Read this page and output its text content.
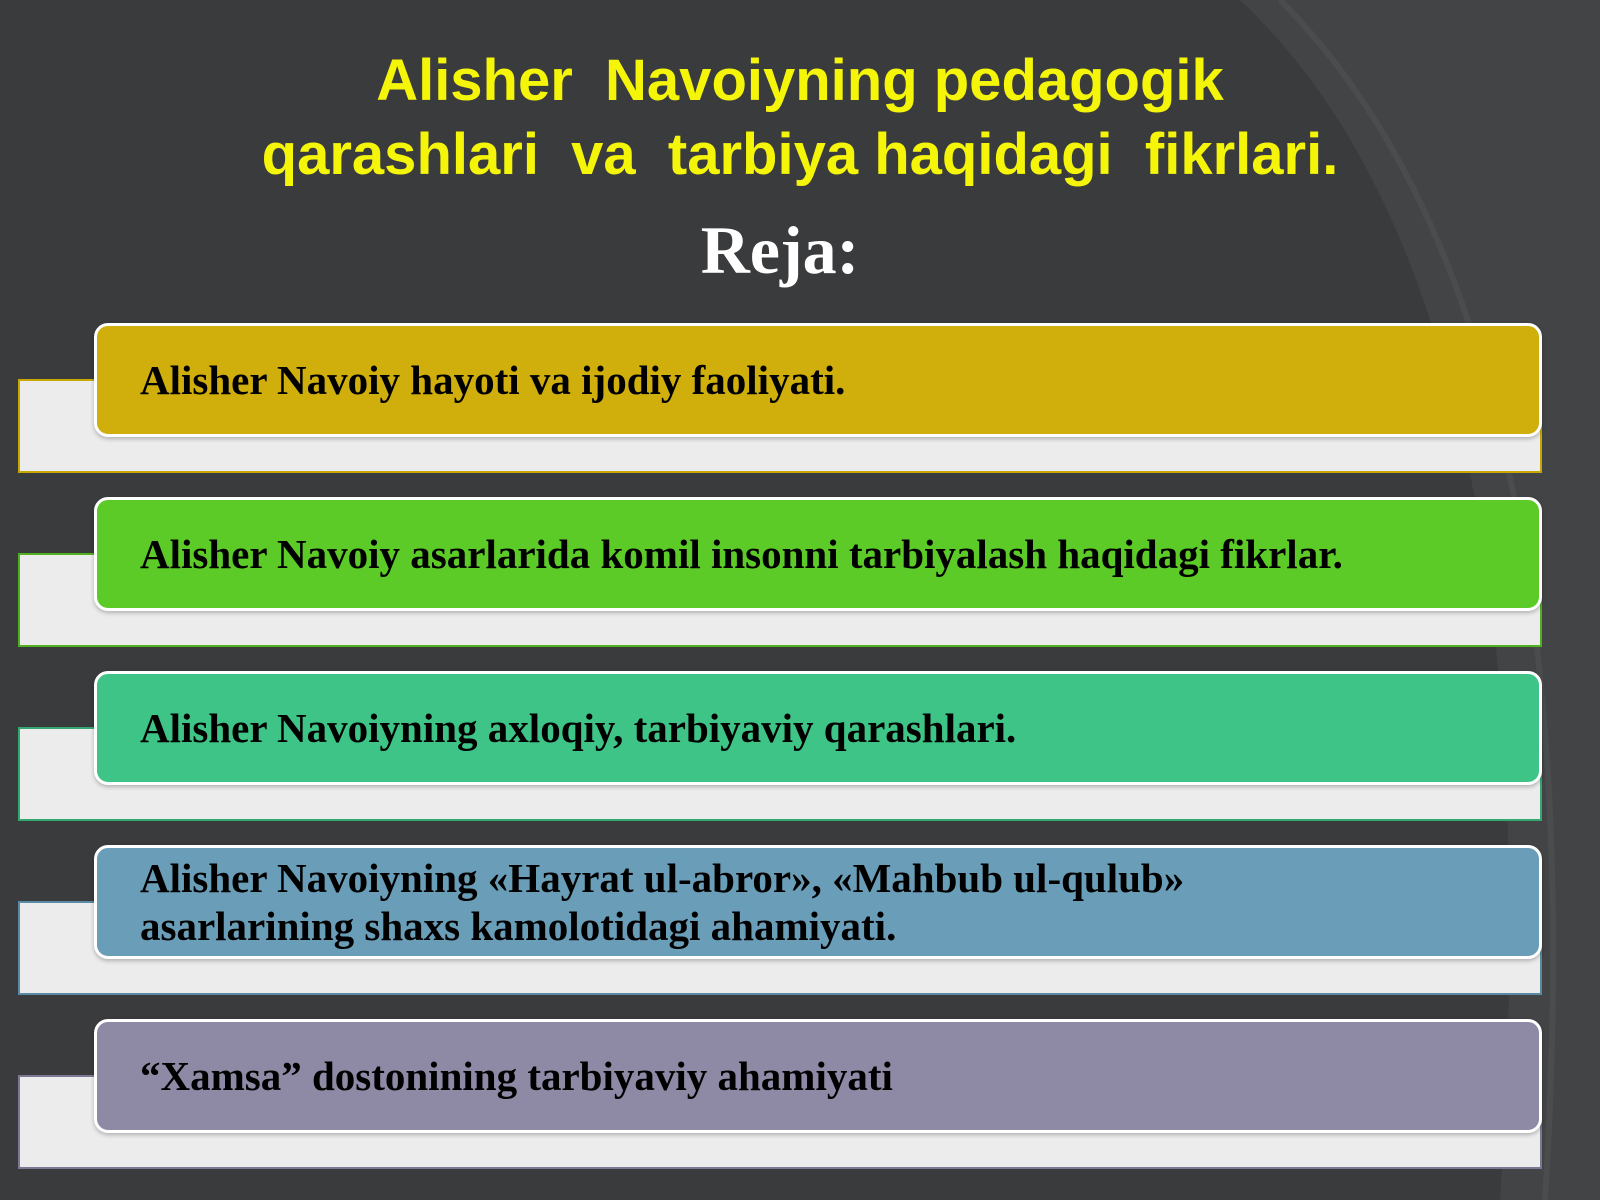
Alisher  Navoiyning pedagogik
qarashlari  va  tarbiya haqidagi  fikrlari.
Reja:
Alisher Navoiy hayoti va ijodiy faoliyati.
Alisher Navoiy asarlarida komil insonni tarbiyalash haqidagi fikrlar.
Alisher Navoiyning axloqiy, tarbiyaviy qarashlari.
Alisher Navoiyning «Hayrat ul-abror», «Mahbub ul-qulub»
asarlarining shaxs kamolotidagi ahamiyati.
“Xamsa” dostonining tarbiyaviy ahamiyati
